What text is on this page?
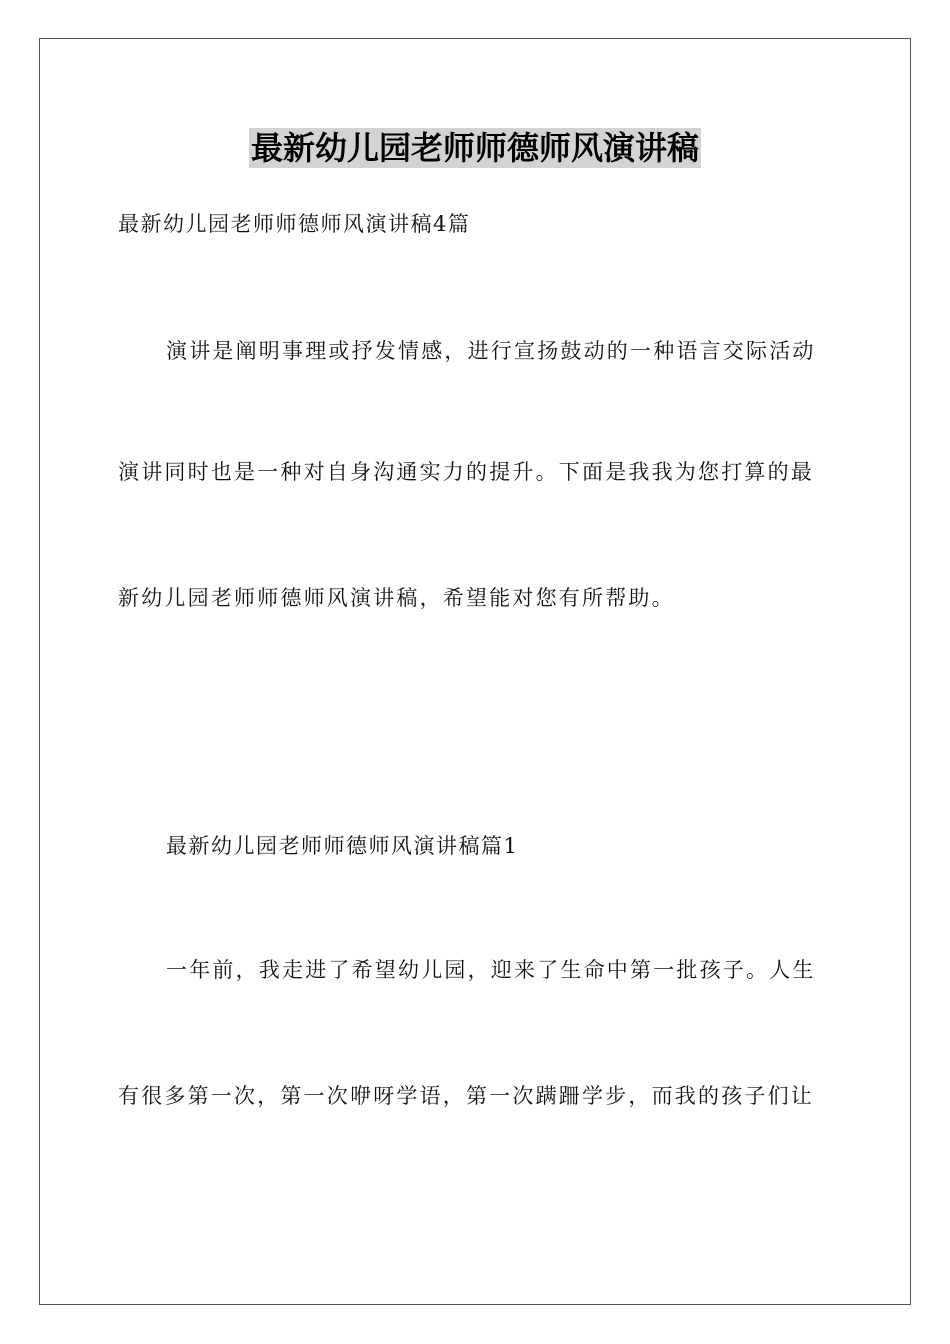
最新幼儿园老师师德师风演讲稿
最新幼儿园老师师德师风演讲稿4篇
演讲是阐明事理或抒发情感，进行宣扬鼓动的一种语言交际活动
演讲同时也是一种对自身沟通实力的提升。下面是我我为您打算的最
新幼儿园老师师德师风演讲稿，希望能对您有所帮助。
最新幼儿园老师师德师风演讲稿篇1
一年前，我走进了希望幼儿园，迎来了生命中第一批孩子。人生
有很多第一次，第一次咿呀学语，第一次蹒跚学步，而我的孩子们让
